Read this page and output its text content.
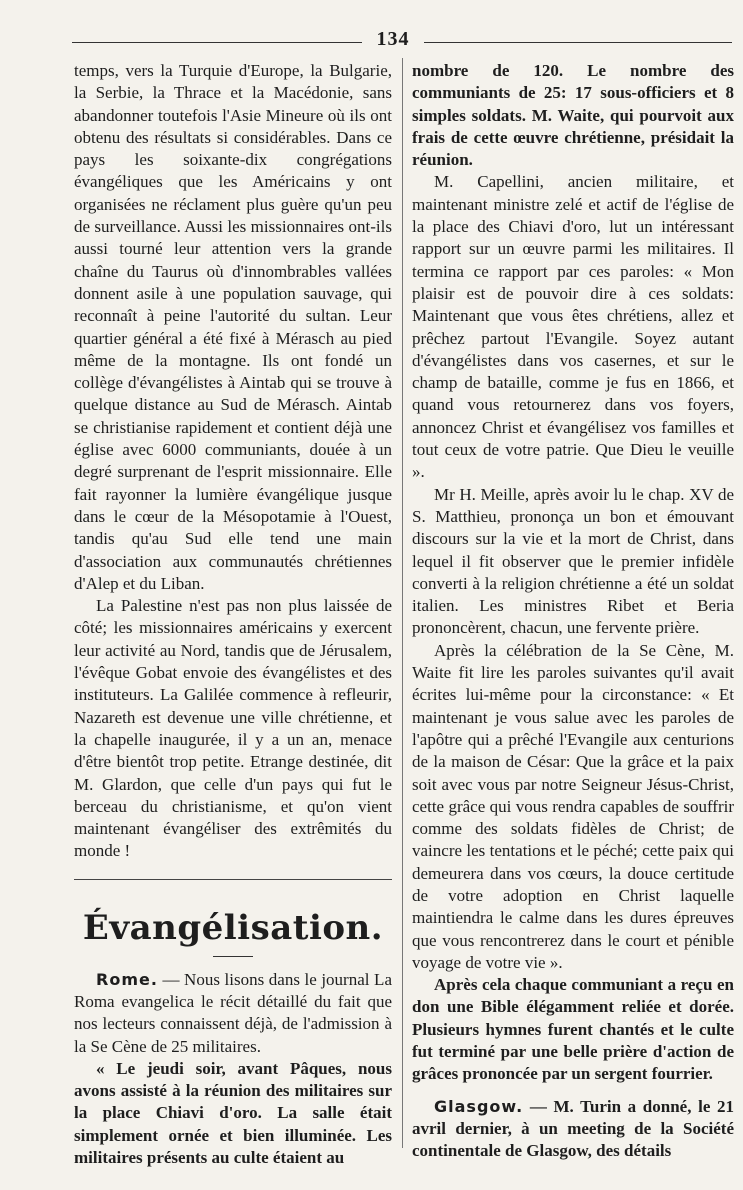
134

temps, vers la Turquie d'Europe, la Bulgarie, la Serbie, la Thrace et la Macédonie, sans abandonner toutefois l'Asie Mineure où ils ont obtenu des résultats si considérables. Dans ce pays les soixante-dix congrégations évangéliques que les Américains y ont organisées ne réclament plus guère qu'un peu de surveillance. Aussi les missionnaires ont-ils aussi tourné leur attention vers la grande chaîne du Taurus où d'innombrables vallées donnent asile à une population sauvage, qui reconnaît à peine l'autorité du sultan. Leur quartier général a été fixé à Mérasch au pied même de la montagne. Ils ont fondé un collège d'évangélistes à Aintab qui se trouve à quelque distance au Sud de Mérasch. Aintab se christianise rapidement et contient déjà une église avec 6000 communiants, douée à un degré surprenant de l'esprit missionnaire. Elle fait rayonner la lumière évangélique jusque dans le cœur de la Mésopotamie à l'Ouest, tandis qu'au Sud elle tend une main d'association aux communautés chrétiennes d'Alep et du Liban.

La Palestine n'est pas non plus laissée de côté; les missionnaires américains y exercent leur activité au Nord, tandis que de Jérusalem, l'évêque Gobat envoie des évangélistes et des instituteurs. La Galilée commence à refleurir, Nazareth est devenue une ville chrétienne, et la chapelle inaugurée, il y a un an, menace d'être bientôt trop petite. Etrange destinée, dit M. Glardon, que celle d'un pays qui fut le berceau du christianisme, et qu'on vient maintenant évangéliser des extrêmités du monde !

Évangélisation.

Rome. — Nous lisons dans le journal La Roma evangelica le récit détaillé du fait que nos lecteurs connaissent déjà, de l'admission à la Se Cène de 25 militaires.

« Le jeudi soir, avant Pâques, nous avons assisté à la réunion des militaires sur la place Chiavi d'oro. La salle était simplement ornée et bien illuminée. Les militaires présents au culte étaient au

nombre de 120. Le nombre des communiants de 25: 17 sous-officiers et 8 simples soldats. M. Waite, qui pourvoit aux frais de cette œuvre chrétienne, présidait la réunion.

M. Capellini, ancien militaire, et maintenant ministre zelé et actif de l'église de la place des Chiavi d'oro, lut un intéressant rapport sur un œuvre parmi les militaires. Il termina ce rapport par ces paroles: « Mon plaisir est de pouvoir dire à ces soldats: Maintenant que vous êtes chrétiens, allez et prêchez partout l'Evangile. Soyez autant d'évangélistes dans vos casernes, et sur le champ de bataille, comme je fus en 1866, et quand vous retournerez dans vos foyers, annoncez Christ et évangélisez vos familles et tout ceux de votre patrie. Que Dieu le veuille ».

Mr H. Meille, après avoir lu le chap. XV de S. Matthieu, prononça un bon et émouvant discours sur la vie et la mort de Christ, dans lequel il fit observer que le premier infidèle converti à la religion chrétienne a été un soldat italien. Les ministres Ribet et Beria prononcèrent, chacun, une fervente prière.

Après la célébration de la Se Cène, M. Waite fit lire les paroles suivantes qu'il avait écrites lui-même pour la circonstance: « Et maintenant je vous salue avec les paroles de l'apôtre qui a prêché l'Evangile aux centurions de la maison de César: Que la grâce et la paix soit avec vous par notre Seigneur Jésus-Christ, cette grâce qui vous rendra capables de souffrir comme des soldats fidèles de Christ; de vaincre les tentations et le péché; cette paix qui demeurera dans vos cœurs, la douce certitude de votre adoption en Christ laquelle maintiendra le calme dans les dures épreuves que vous rencontrerez dans le court et pénible voyage de votre vie ».

Après cela chaque communiant a reçu en don une Bible élégamment reliée et dorée. Plusieurs hymnes furent chantés et le culte fut terminé par une belle prière d'action de grâces prononcée par un sergent fourrier.

Glasgow. — M. Turin a donné, le 21 avril dernier, à un meeting de la Société continentale de Glasgow, des détails
